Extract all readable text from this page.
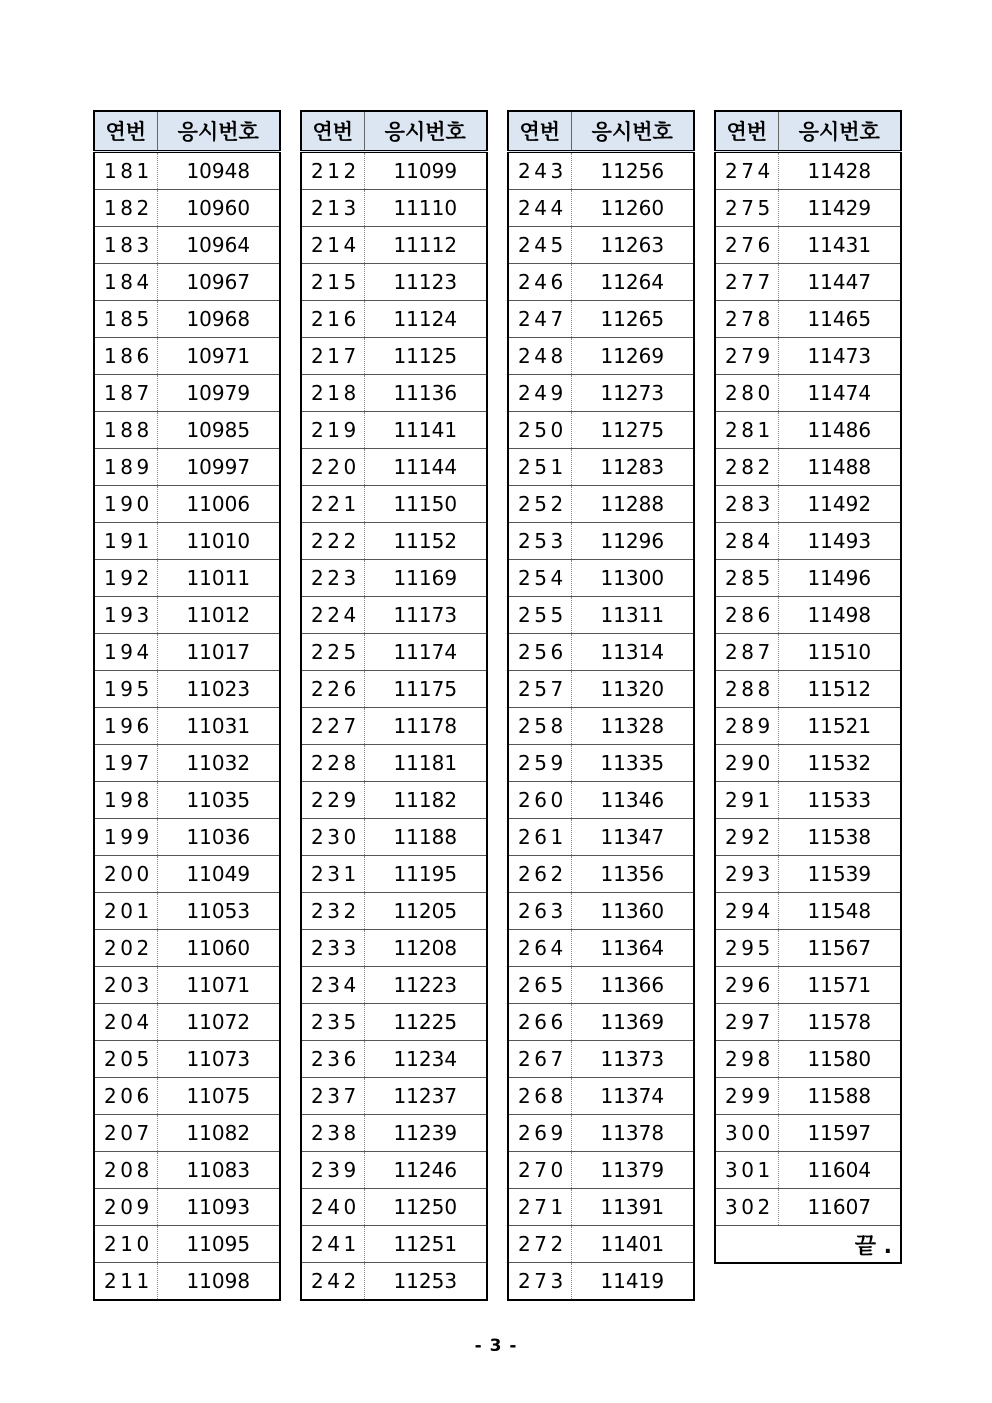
연번	응시번호
181	10948
182	10960
183	10964
184	10967
185	10968
186	10971
187	10979
188	10985
189	10997
190	11006
191	11010
192	11011
193	11012
194	11017
195	11023
196	11031
197	11032
198	11035
199	11036
200	11049
201	11053
202	11060
203	11071
204	11072
205	11073
206	11075
207	11082
208	11083
209	11093
210	11095
211	11098
연번	응시번호
212	11099
213	11110
214	11112
215	11123
216	11124
217	11125
218	11136
219	11141
220	11144
221	11150
222	11152
223	11169
224	11173
225	11174
226	11175
227	11178
228	11181
229	11182
230	11188
231	11195
232	11205
233	11208
234	11223
235	11225
236	11234
237	11237
238	11239
239	11246
240	11250
241	11251
242	11253
연번	응시번호
243	11256
244	11260
245	11263
246	11264
247	11265
248	11269
249	11273
250	11275
251	11283
252	11288
253	11296
254	11300
255	11311
256	11314
257	11320
258	11328
259	11335
260	11346
261	11347
262	11356
263	11360
264	11364
265	11366
266	11369
267	11373
268	11374
269	11378
270	11379
271	11391
272	11401
273	11419
연번	응시번호
274	11428
275	11429
276	11431
277	11447
278	11465
279	11473
280	11474
281	11486
282	11488
283	11492
284	11493
285	11496
286	11498
287	11510
288	11512
289	11521
290	11532
291	11533
292	11538
293	11539
294	11548
295	11567
296	11571
297	11578
298	11580
299	11588
300	11597
301	11604
302	11607
끝 .	
- 3 -
